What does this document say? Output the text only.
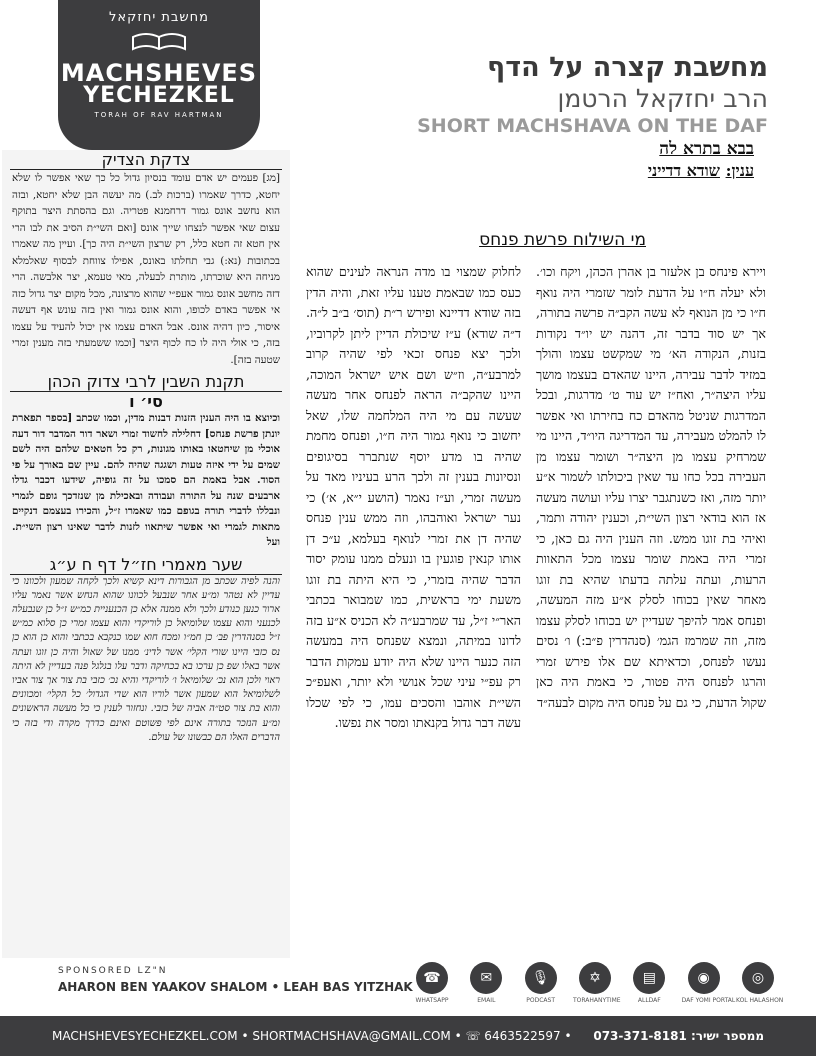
מחשבת יחזקאל
MACHSHEVES
YECHEZKEL
TORAH OF RAV HARTMAN
מחשבת קצרה על הדף
הרב יחזקאל הרטמן
SHORT MACHSHAVA ON THE DAF
בבא בתרא לה
ענין: שודא דדייני
מי השילוח פרשת פנחס
ויירא פינחס בן אלעזר בן אהרן הכהן, ויקח וכו׳. ולא יעלה ח״ו על הדעת לומר שזמרי היה נואף ח״ו כי מן הנואף לא עשה הקב״ה פרשה בתורה, אך יש סוד בדבר זה, דהנה יש יו״ד נקודות בזנות, הנקודה הא׳ מי שמקשט עצמו והולך במזיד לדבר עבירה, היינו שהאדם בעצמו מושך עליו היצה״ר, ואח״ז יש עוד ט׳ מדרגות, ובכל המדרגות שניטל מהאדם כח בחירתו ואי אפשר לו להמלט מעבירה, עד המדריגה היו״ד, היינו מי שמרחיק עצמו מן היצה״ר ושומר עצמו מן העבירה בכל כחו עד שאין ביכולתו לשמור א״ע יותר מזה, ואז כשנתגבר יצרו עליו ועושה מעשה אז הוא בודאי רצון השי״ת, וכענין יהודה ותמר, ואיהי בת זוגו ממש. וזה הענין היה גם כאן, כי זמרי היה באמת שומר עצמו מכל התאוות הרעות, ועתה עלתה בדעתו שהיא בת זוגו מאחר שאין בכוחו לסלק א״ע מזה המעשה, ופנחס אמר להיפך שעדיין יש בכוחו לסלק עצמו מזה, וזה שמרמז הגמ׳ (סנהדרין פ״ב:) ו׳ נסים נעשו לפנחס, וכדאיתא שם אלו פירש זמרי והרגו לפנחס היה פטור, כי באמת היה כאן שקול הדעת, כי גם על פנחס היה מקום לבעה״ד
לחלוק שמצוי בו מדה הנראה לעינים שהוא כעס כמו שבאמת טענו עליו זאת, והיה הדין בזה שודא דדיינא ופירש ר״ת (תוס׳ ב״ב ל״ה. ד״ה שודא) ע״ז שיכולת הדיין ליתן לקרוביו, ולכך יצא פנחס זכאי לפי שהיה קרוב למרבע״ה, וז״ש ושם איש ישראל המוכה, היינו שהקב״ה הראה לפנחס אחר מעשה שעשה עם מי היה המלחמה שלו, שאל יחשוב כי נואף גמור היה ח״ו, ופנחס מחמת שהיה בו מדע יוסף שנתברר בסיגופים ונסיונות בענין זה ולכך הרע בעיניו מאד על מעשה זמרי, וע״ז נאמר (הושע י״א, א׳) כי נער ישראל ואוהבהו, וזה ממש ענין פנחס שהיה דן את זמרי לנואף בעלמא, ע״כ דן אותו קנאין פוגעין בו ונעלם ממנו עומק יסוד הדבר שהיה בזמרי, כי היא היתה בת זוגו משעת ימי בראשית, כמו שמבואר בכתבי האר״י ז״ל, עד שמרבע״ה לא הכניס א״ע בזה לדונו במיתה, ונמצא שפנחס היה במעשה הזה כנער היינו שלא היה יודע עמקות הדבר רק עפ״י עיני שכל אנושי ולא יותר, ואעפ״כ השי״ת אוהבו והסכים עמו, כי לפי שכלו עשה דבר גדול בקנאתו ומסר את נפשו.
צדקת הצדיק
[מג] פעמים יש אדם עומד בנסיון גדול כל כך שאי אפשר לו שלא יחטא, כדרך שאמרו (ברכות לב.) מה יעשה הבן שלא יחטא, ובזה הוא נחשב אונס גמור דרחמנא פטריה. וגם בהסתת היצר בתוקף עצום שאי אפשר לנצחו שייך אונס [ואם השי״ת הסיב את לבו הרי אין חטא זה חטא כלל, רק שרצון השי״ת היה כך]. ועיין מה שאמרו בכתובות (נא:) גבי תחלתו באונס, אפילו צווחת לבסוף שאלמלא מניחה היא שוכרתו, מותרת לבעלה, מאי טעמא, יצר אלבשה. הרי דזה מחשב אונס גמור אעפ״י שהוא מרצונה, מכל מקום יצר גדול כזה אי אפשר באדם לכופו, והוא אונס גמור ואין בזה עונש אף דעשה איסור, כיון דהיה אונס. אבל האדם עצמו אין יכול להעיד על עצמו בזה, כי אולי היה לו כח לכוף היצר [וכמו ששמעתי בזה מענין זמרי שטעה בזה].
תקנת השבין לרבי צדוק הכהן
סי׳ ו
וכיוצא בו היה הענין הזנות דבנות מדין, וכמו שכתב [בספר תפארת יונתן פרשת פנחס] דחלילה לחשוד זמרי ושאר דור המדבר דור דעה אוכלי מן שיחטאו באותו מגונות, רק כל חטאים שלהם היה לשם שמים על ידי איזה טעות ושגגה שהיה להם. עיין שם באורך על פי הסוד. אבל באמת הם סמכו על זה גופיה, שידעו דכבר גדלו ארבעים שנה על התורה ועבודה ובאכילת מן שנזדכך גופם לגמרי ונבללו לדברי תורה בגופם כמו שאמרו ז״ל, והכירו בעצמם דנקיים מתאות לגמרי ואי אפשר שיתאוו לזנות לדבר שאינו רצון השי״ת. ועל
שער מאמרי חז״ל דף ח ע״ג
והנה לפיה שכתב מן הגבורות דינא קשיא ולכך לקחה שמעון ולכוונו כי עדיין לא נטהר ומ״ע אחר שנבעל לכוונו שהוא הנחש אשר נאמר עליו ארור כנען כנודע ולכך ולא ממנה אלא כן הכנעניית כמ״ש ז״ל כן שנבעלה לכנעני והוא עצמו שלומיאל כן לוריקדי והוא עצמו זמרי כן סלוא כמ״ש ז״ל בסנהדרין פב׳ כן חמ״ו ומכח חוא שמו כנקבא בכתבי והוא כן הוא כן נס כזבי היינו שורי הקלי׳ אשר לדינ׳ ממנו של שאול והיה כן זוגו ועתה אשר באלו שפ כן ערכו בא בכחיקה ודבר עלו בגלגל פנה בעדיין לא היתה ראוי ולכן הוא נכ׳ שלומיאל ו׳ לוריקדי והיא נכ׳ כזבי בת צור אך צור אביו לשלומיאל הוא שמעון אשר לוריו הוא שדי הגדול׳ כל הקלי׳ ומכוונים והוא בת צור סט״ה אביה של כזבי. ונחזור לענין כי כל מעשה הראשונים ומ״ע הנזכר בתורה אינם לפי פשוטם ואינם כדרך מקרה ודי בזה כי הדברים האלו הם כבשונו של עולם.
SPONSORED LZ"N
AHARON BEN YAAKOV SHALOM • LEAH BAS YITZHAK
☎
WHATSAPP
✉
EMAIL
🎙
PODCAST
✡
TORAHANYTIME
▤
ALLDAF
◉
DAF YOMI PORTAL
◎
KOL HALASHON
MACHSHEVESYECHEZKEL.COM • SHORTMACHSHAVA@GMAIL.COM • ☏ 6463522597 • ממספר ישיר: 073-371-8181
